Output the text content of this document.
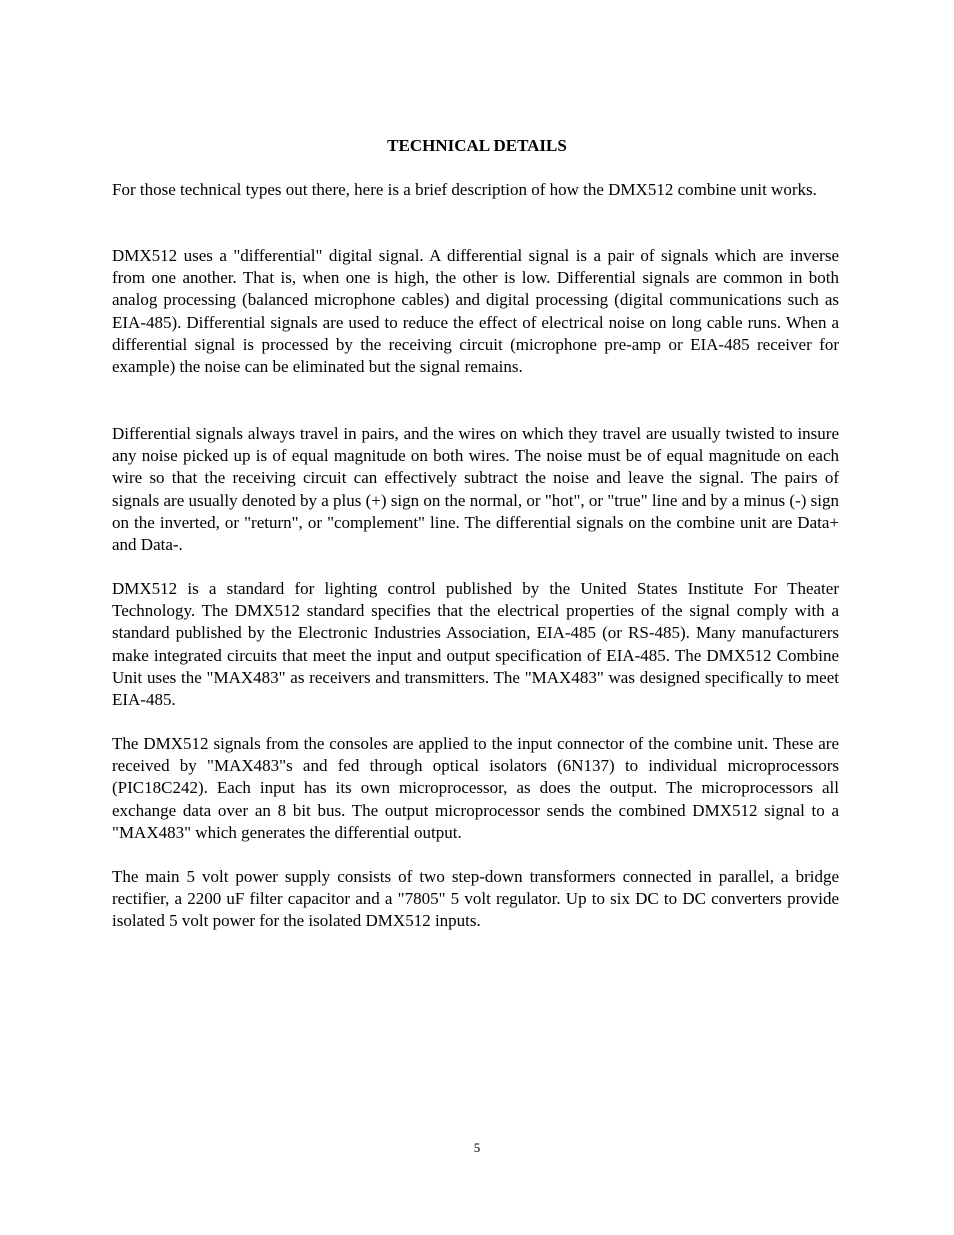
TECHNICAL DETAILS

For those technical types out there, here is a brief description of how the DMX512 combine unit works.

DMX512 uses a "differential" digital signal. A differential signal is a pair of signals which are inverse from one another. That is, when one is high, the other is low. Differential signals are common in both analog processing (balanced microphone cables) and digital processing (digital communications such as EIA-485). Differential signals are used to reduce the effect of electrical noise on long cable runs. When a differential signal is processed by the receiving circuit (microphone pre-amp or EIA-485 receiver for example) the noise can be eliminated but the signal remains.

Differential signals always travel in pairs, and the wires on which they travel are usually twisted to insure any noise picked up is of equal magnitude on both wires. The noise must be of equal magnitude on each wire so that the receiving circuit can effectively subtract the noise and leave the signal. The pairs of signals are usually denoted by a plus (+) sign on the normal, or "hot", or "true" line and by a minus (-) sign on the inverted, or "return", or "complement" line. The differential signals on the combine unit are Data+ and Data-.

DMX512 is a standard for lighting control published by the United States Institute For Theater Technology. The DMX512 standard specifies that the electrical properties of the signal comply with a standard published by the Electronic Industries Association, EIA-485 (or RS-485). Many manufacturers make integrated circuits that meet the input and output specification of EIA-485. The DMX512 Combine Unit uses the "MAX483" as receivers and transmitters. The "MAX483" was designed specifically to meet EIA-485.

The DMX512 signals from the consoles are applied to the input connector of the combine unit. These are received by "MAX483"s and fed through optical isolators (6N137) to individual microprocessors (PIC18C242). Each input has its own microprocessor, as does the output. The microprocessors all exchange data over an 8 bit bus. The output microprocessor sends the combined DMX512 signal to a "MAX483" which generates the differential output.

The main 5 volt power supply consists of two step-down transformers connected in parallel, a bridge rectifier, a 2200 uF filter capacitor and a "7805" 5 volt regulator. Up to six DC to DC converters provide isolated 5 volt power for the isolated DMX512 inputs.

5
